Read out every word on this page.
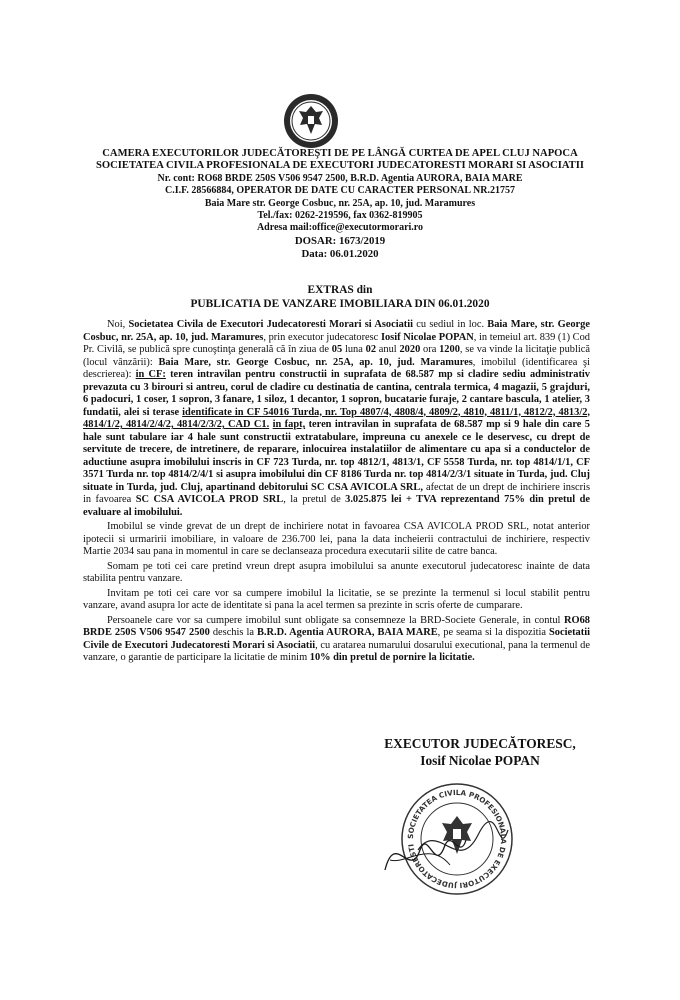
CAMERA EXECUTORILOR JUDECĂTOREŞTI DE PE LÂNGĂ CURTEA DE APEL CLUJ NAPOCA
SOCIETATEA CIVILA PROFESIONALA DE EXECUTORI JUDECATORESTI MORARI SI ASOCIATII
Nr. cont: RO68 BRDE 250S V506 9547 2500, B.R.D. Agentia AURORA, BAIA MARE
C.I.F. 28566884, OPERATOR DE DATE CU CARACTER PERSONAL NR.21757
Baia Mare str. George Cosbuc, nr. 25A, ap. 10, jud. Maramures
Tel./fax: 0262-219596, fax 0362-819905
Adresa mail:office@executormorari.ro
DOSAR: 1673/2019
Data: 06.01.2020
EXTRAS din
PUBLICATIA DE VANZARE IMOBILIARA DIN 06.01.2020

Noi, Societatea Civila de Executori Judecatoresti Morari si Asociatii cu sediul in loc. Baia Mare, str. George Cosbuc, nr. 25A, ap. 10, jud. Maramures, prin executor judecatoresc Iosif Nicolae POPAN, in temeiul art. 839 (1) Cod Pr. Civilă, se publică spre cunoştinţa generală că în ziua de 05 luna 02 anul 2020 ora 1200, se va vinde la licitaţie publică (locul vânzării): Baia Mare, str. George Cosbuc, nr. 25A, ap. 10, jud. Maramures, imobilul (identificarea şi descrierea): in CF: teren intravilan pentru constructii in suprafata de 68.587 mp si cladire sediu administrativ prevazuta cu 3 birouri si antreu, corul de cladire cu destinatia de cantina, centrala termica, 4 magazii, 5 grajduri, 6 padocuri, 1 coser, 1 sopron, 3 fanare, 1 siloz, 1 decantor, 1 sopron, bucatarie furaje, 2 cantare bascula, 1 atelier, 3 fundatii, alei si terase identificate in CF 54016 Turda, nr. Top 4807/4, 4808/4, 4809/2, 4810, 4811/1, 4812/2, 4813/2, 4814/1/2, 4814/2/4/2, 4814/2/3/2, CAD C1. in fapt, teren intravilan in suprafata de 68.587 mp si 9 hale din care 5 hale sunt tabulare iar 4 hale sunt constructii extratabulare, impreuna cu anexele ce le deservesc, cu drept de servitute de trecere, de intretinere, de reparare, inlocuirea instalatiilor de alimentare cu apa si a conductelor de aductiune asupra imobilului inscris in CF 723 Turda, nr. top 4812/1, 4813/1, CF 5558 Turda, nr. top 4814/1/1, CF 3571 Turda nr. top 4814/2/4/1 si asupra imobilului din CF 8186 Turda nr. top 4814/2/3/1 situate in Turda, jud. Cluj situate in Turda, jud. Cluj, apartinand debitorului SC CSA AVICOLA SRL, afectat de un drept de inchiriere inscris in favoarea SC CSA AVICOLA PROD SRL, la pretul de 3.025.875 lei + TVA reprezentand 75% din pretul de evaluare al imobilului.

Imobilul se vinde grevat de un drept de inchiriere notat in favoarea CSA AVICOLA PROD SRL, notat anterior ipotecii si urmaririi imobiliare, in valoare de 236.700 lei, pana la data incheierii contractului de inchiriere, respectiv Martie 2034 sau pana in momentul in care se declanseaza procedura executarii silite de catre banca.

Somam pe toti cei care pretind vreun drept asupra imobilului sa anunte executorul judecatoresc inainte de data stabilita pentru vanzare.

Invitam pe toti cei care vor sa cumpere imobilul la licitatie, se se prezinte la termenul si locul stabilit pentru vanzare, avand asupra lor acte de identitate si pana la acel termen sa prezinte in scris oferte de cumparare.

Persoanele care vor sa cumpere imobilul sunt obligate sa consemneze la BRD-Societe Generale, in contul RO68 BRDE 250S V506 9547 2500 deschis la B.R.D. Agentia AURORA, BAIA MARE, pe seama si la dispozitia Societatii Civile de Executori Judecatoresti Morari si Asociatii, cu aratarea numarului dosarului executional, pana la termenul de vanzare, o garantie de participare la licitatie de minim 10% din pretul de pornire la licitatie.

EXECUTOR JUDECĂTORESC,
Iosif Nicolae POPAN
SOCIETATEA CIVILA PROFESIONALA DE EXECUTORI JUDECATORESTI
